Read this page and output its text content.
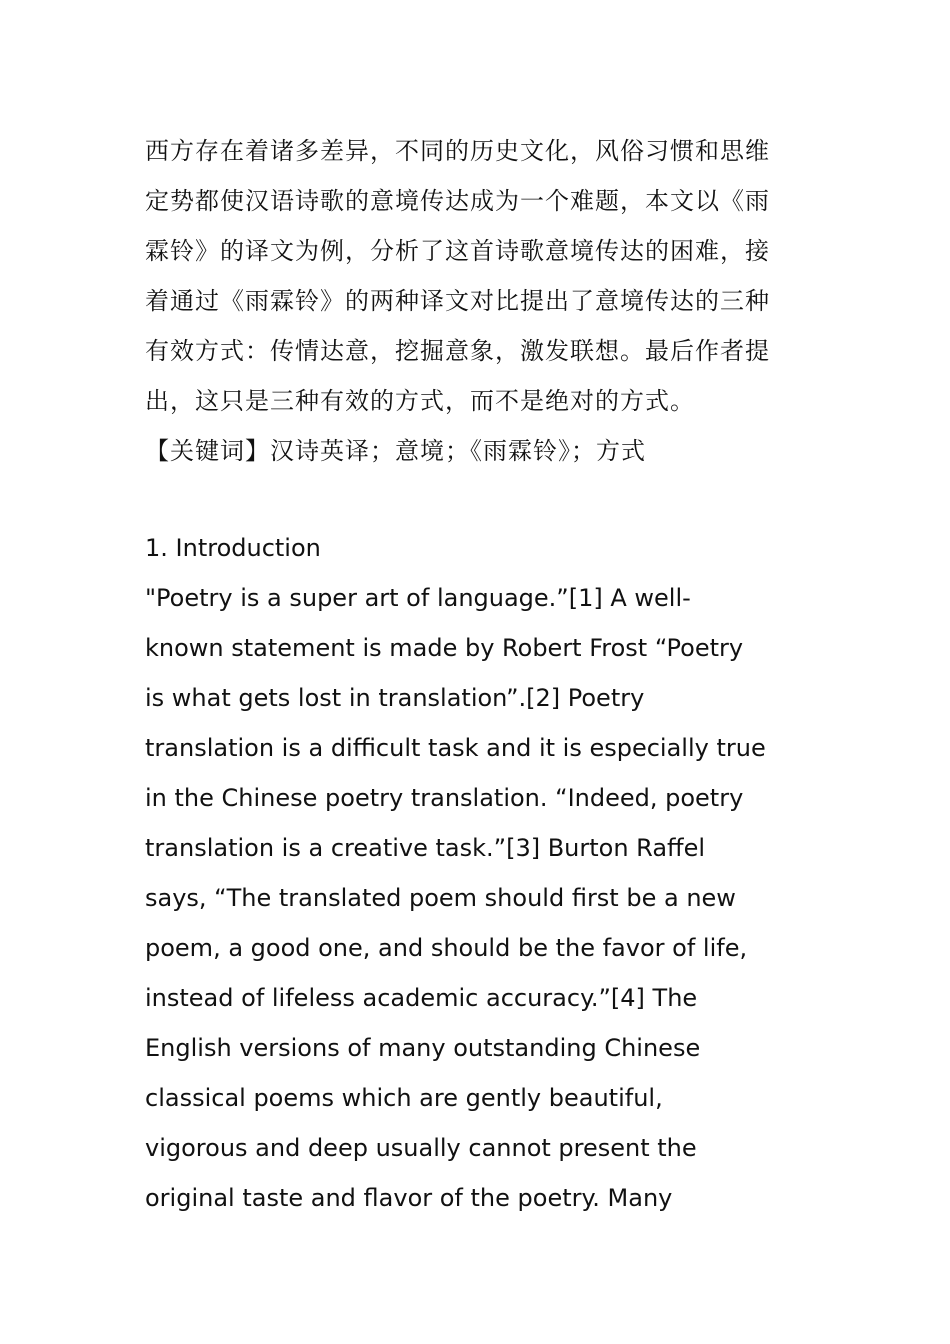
西方存在着诸多差异，不同的历史文化，风俗习惯和思维
定势都使汉语诗歌的意境传达成为一个难题，本文以《雨
霖铃》的译文为例，分析了这首诗歌意境传达的困难，接
着通过《雨霖铃》的两种译文对比提出了意境传达的三种
有效方式：传情达意，挖掘意象，激发联想。最后作者提
出，这只是三种有效的方式，而不是绝对的方式。
【关键词】汉诗英译；意境；《雨霖铃》；方式
1. Introduction
"Poetry is a super art of language.”[1] A well-
known statement is made by Robert Frost “Poetry
is what gets lost in translation”.[2] Poetry
translation is a difficult task and it is especially true
in the Chinese poetry translation. “Indeed, poetry
translation is a creative task.”[3] Burton Raffel
says, “The translated poem should first be a new
poem, a good one, and should be the favor of life,
instead of lifeless academic accuracy.”[4] The
English versions of many outstanding Chinese
classical poems which are gently beautiful,
vigorous and deep usually cannot present the
original taste and flavor of the poetry. Many
